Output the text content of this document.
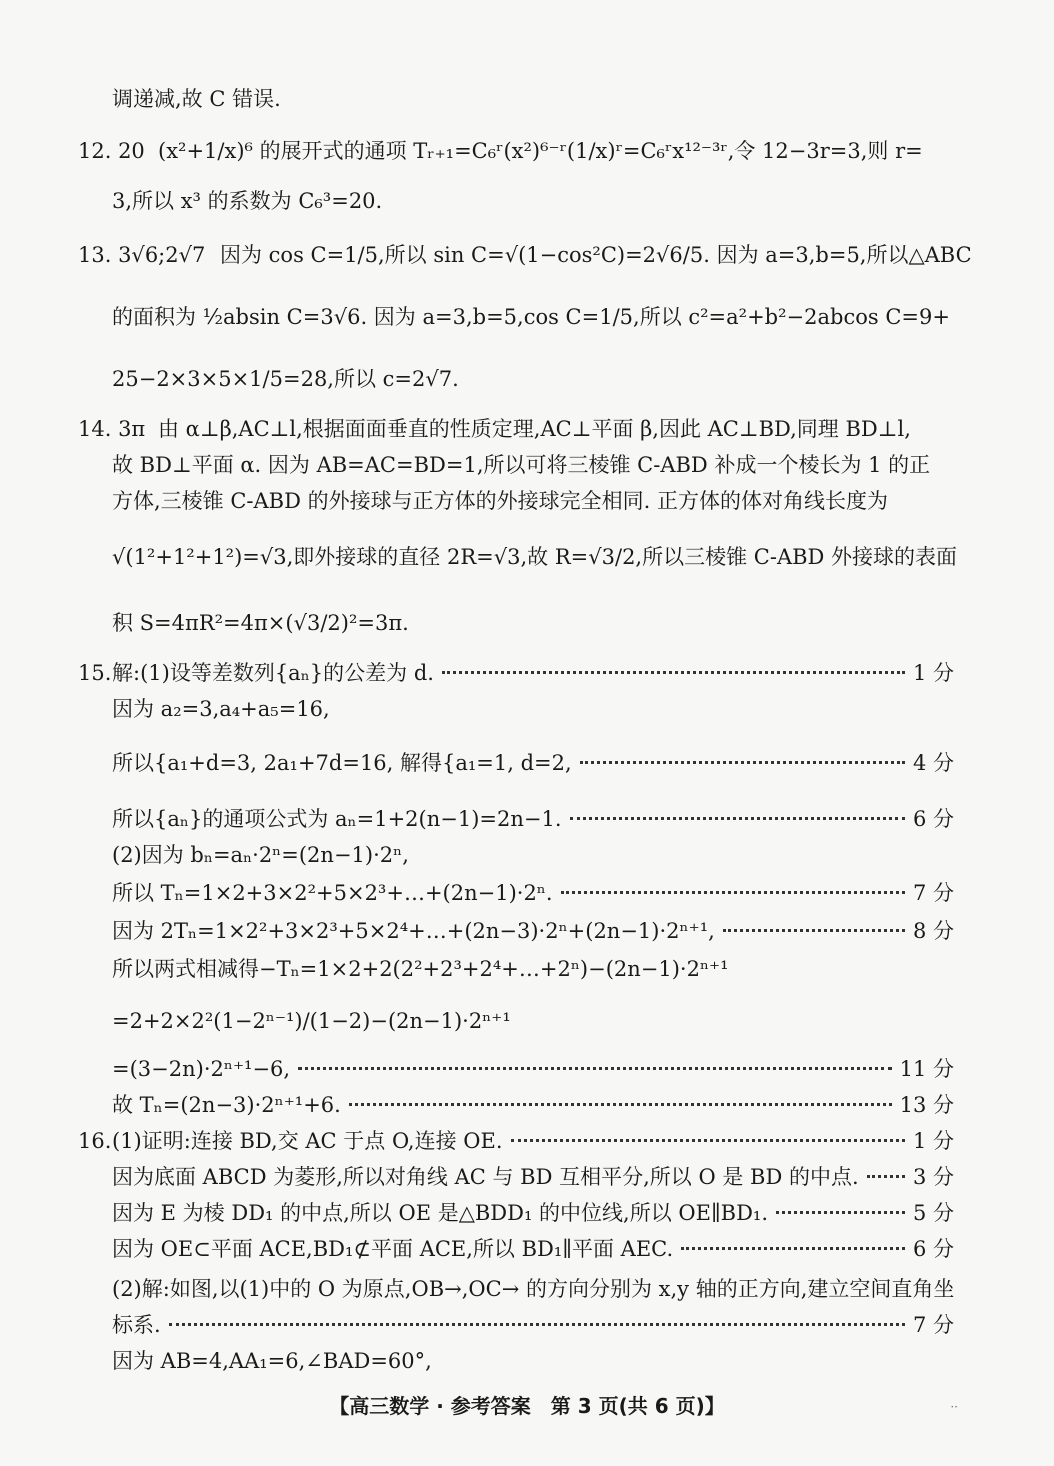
调递减,故 C 错误.
12. 20 (x²+1/x)⁶ 的展开式的通项 Tᵣ₊₁=C₆ʳ(x²)⁶⁻ʳ(1/x)ʳ=C₆ʳx¹²⁻³ʳ,令 12−3r=3,则 r=
3,所以 x³ 的系数为 C₆³=20.
13. 3√6;2√7 因为 cos C=1/5,所以 sin C=√(1−cos²C)=2√6/5. 因为 a=3,b=5,所以△ABC
的面积为 ½absin C=3√6. 因为 a=3,b=5,cos C=1/5,所以 c²=a²+b²−2abcos C=9+
25−2×3×5×1/5=28,所以 c=2√7.
14. 3π 由 α⊥β,AC⊥l,根据面面垂直的性质定理,AC⊥平面 β,因此 AC⊥BD,同理 BD⊥l,
故 BD⊥平面 α. 因为 AB=AC=BD=1,所以可将三棱锥 C-ABD 补成一个棱长为 1 的正
方体,三棱锥 C-ABD 的外接球与正方体的外接球完全相同. 正方体的体对角线长度为
√(1²+1²+1²)=√3,即外接球的直径 2R=√3,故 R=√3/2,所以三棱锥 C-ABD 外接球的表面
积 S=4πR²=4π×(√3/2)²=3π.
15. 解:(1)设等差数列{aₙ}的公差为 d.	1 分
因为 a₂=3,a₄+a₅=16,
所以{a₁+d=3, 2a₁+7d=16, 解得{a₁=1, d=2,	4 分
所以{aₙ}的通项公式为 aₙ=1+2(n−1)=2n−1.	6 分
(2)因为 bₙ=aₙ·2ⁿ=(2n−1)·2ⁿ,
所以 Tₙ=1×2+3×2²+5×2³+…+(2n−1)·2ⁿ.	7 分
因为 2Tₙ=1×2²+3×2³+5×2⁴+…+(2n−3)·2ⁿ+(2n−1)·2ⁿ⁺¹,	8 分
所以两式相减得−Tₙ=1×2+2(2²+2³+2⁴+…+2ⁿ)−(2n−1)·2ⁿ⁺¹
=2+2×2²(1−2ⁿ⁻¹)/(1−2)−(2n−1)·2ⁿ⁺¹
=(3−2n)·2ⁿ⁺¹−6,	11 分
故 Tₙ=(2n−3)·2ⁿ⁺¹+6.	13 分
16. (1)证明:连接 BD,交 AC 于点 O,连接 OE.	1 分
因为底面 ABCD 为菱形,所以对角线 AC 与 BD 互相平分,所以 O 是 BD 的中点.	3 分
因为 E 为棱 DD₁ 的中点,所以 OE 是△BDD₁ 的中位线,所以 OE∥BD₁.	5 分
因为 OE⊂平面 ACE,BD₁⊄平面 ACE,所以 BD₁∥平面 AEC.	6 分
(2)解:如图,以(1)中的 O 为原点,OB→,OC→ 的方向分别为 x,y 轴的正方向,建立空间直角坐
标系.	7 分
因为 AB=4,AA₁=6,∠BAD=60°,
【高三数学 · 参考答案　第 3 页(共 6 页)】	··
